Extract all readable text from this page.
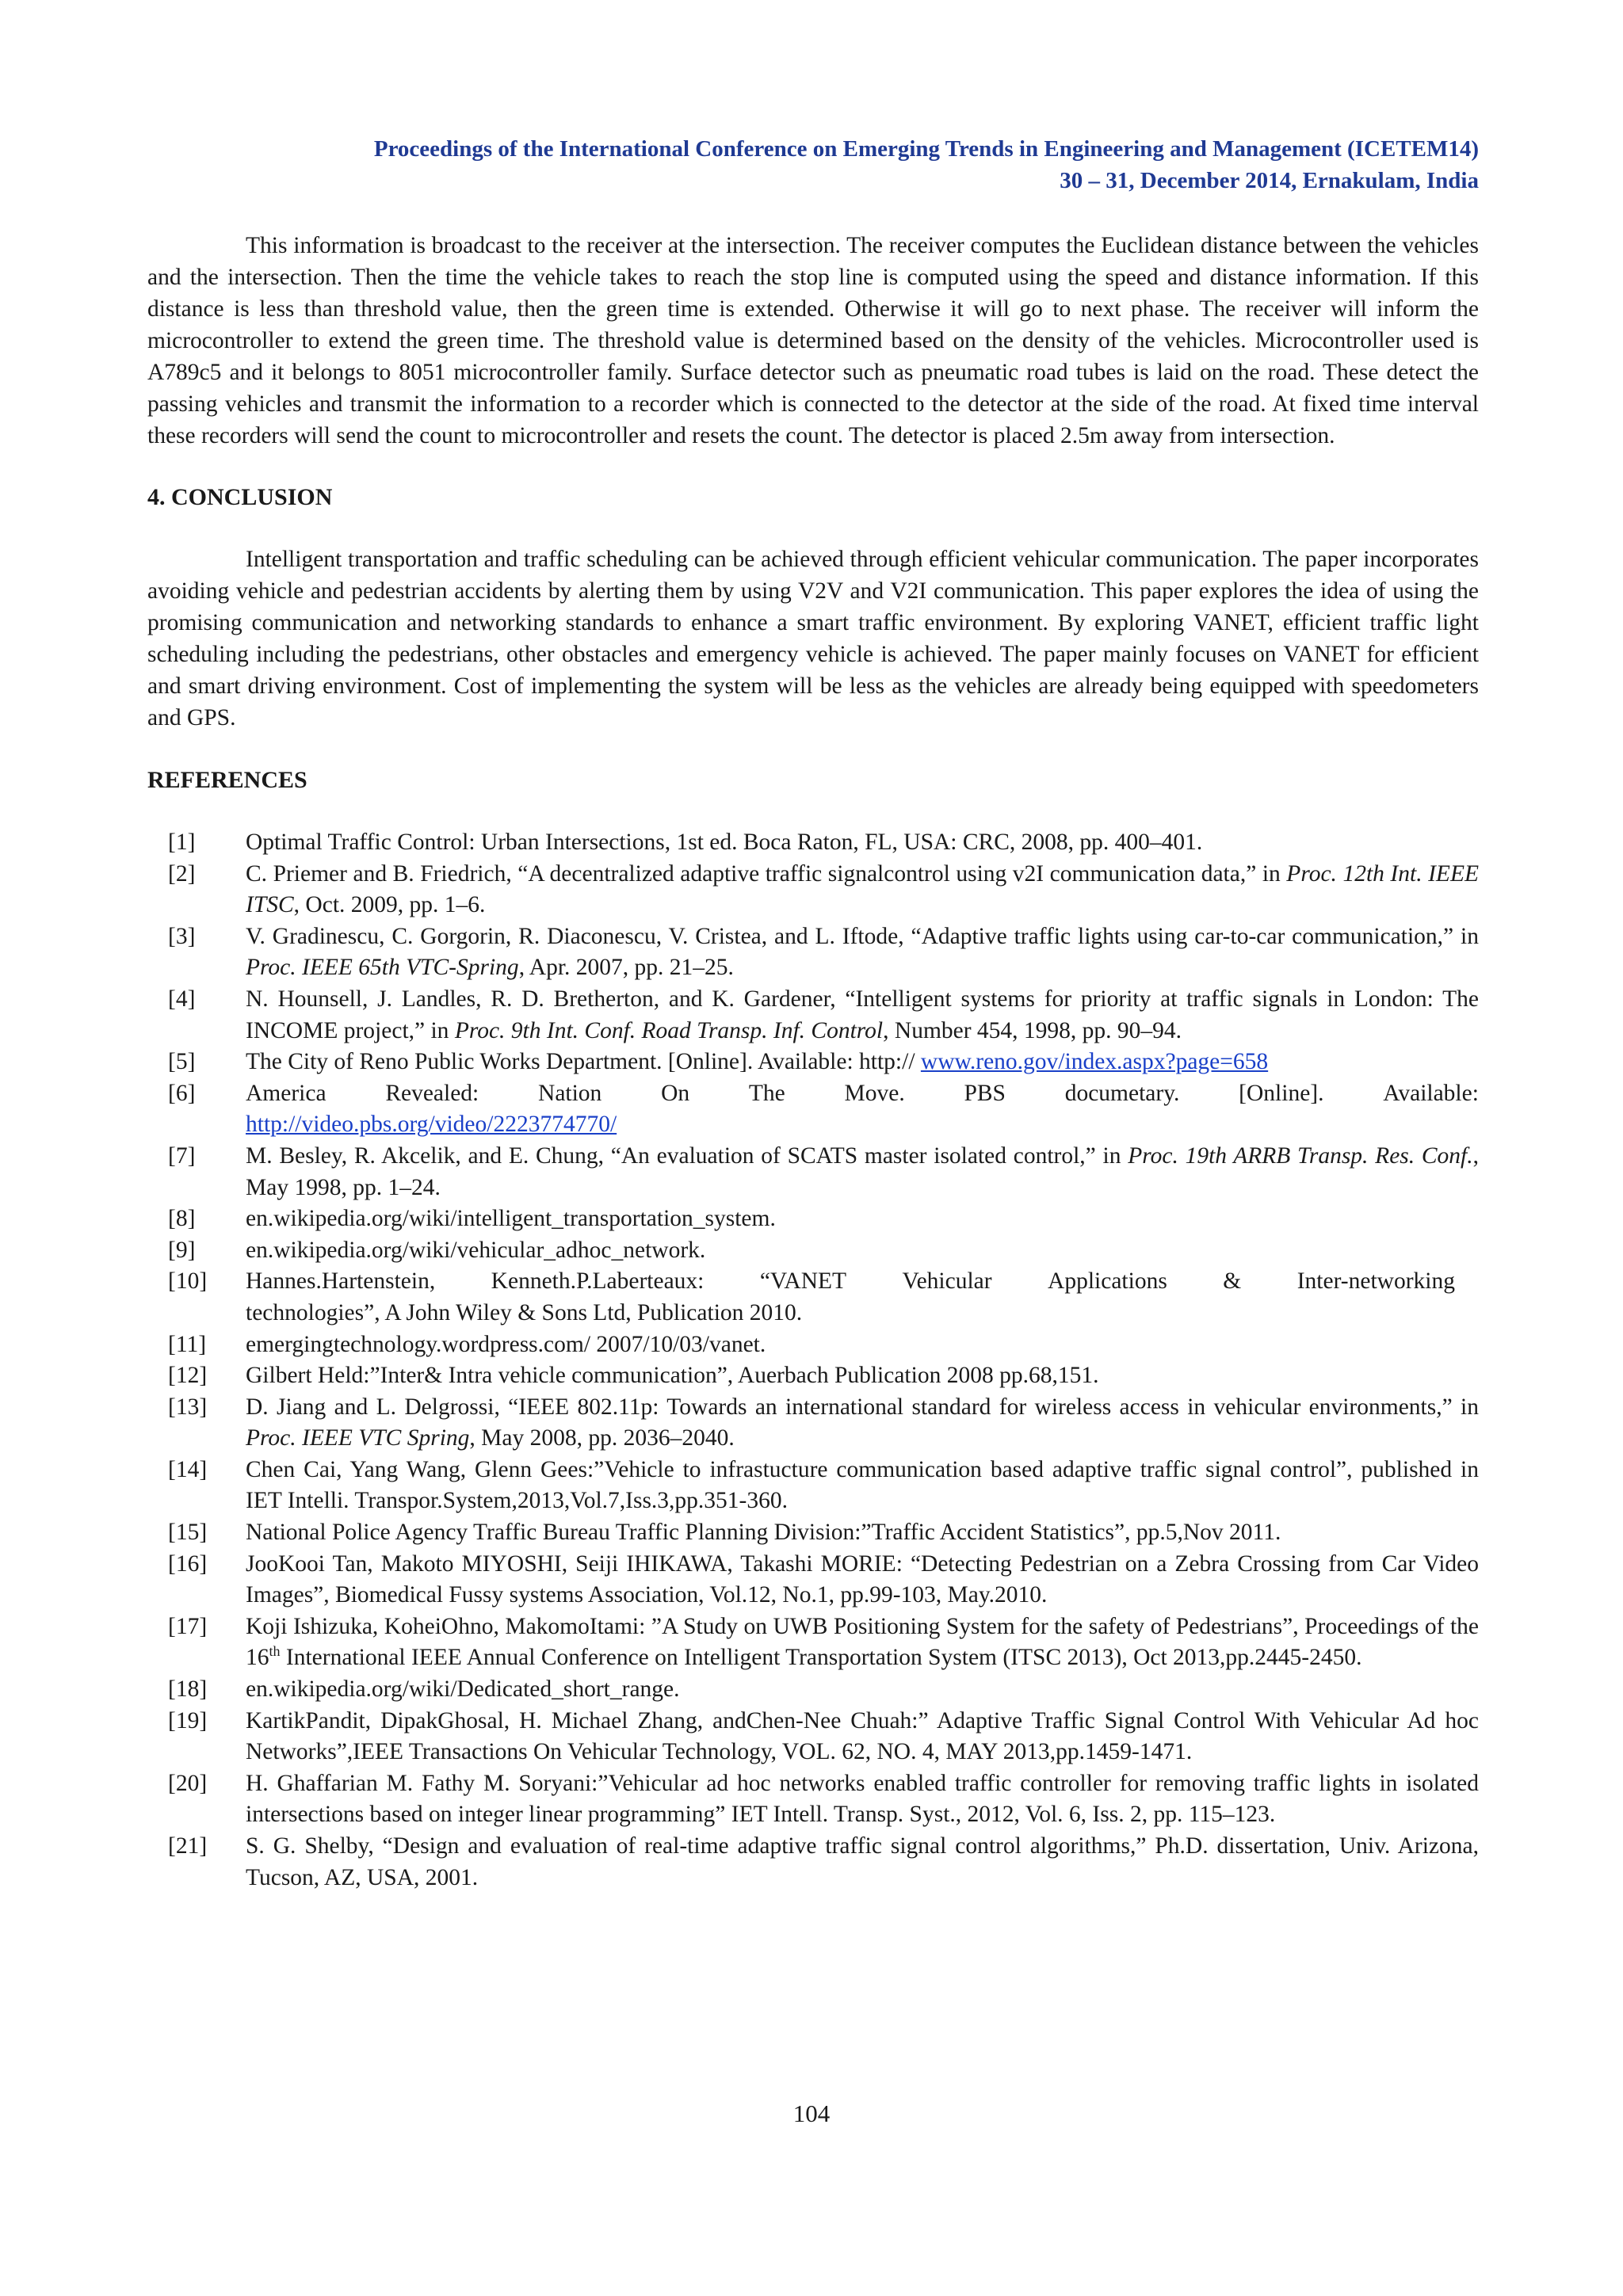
Proceedings of the International Conference on Emerging Trends in Engineering and Management (ICETEM14)
30 – 31, December 2014, Ernakulam, India

This information is broadcast to the receiver at the intersection. The receiver computes the Euclidean distance between the vehicles and the intersection. Then the time the vehicle takes to reach the stop line is computed using the speed and distance information. If this distance is less than threshold value, then the green time is extended. Otherwise it will go to next phase. The receiver will inform the microcontroller to extend the green time. The threshold value is determined based on the density of the vehicles. Microcontroller used is A789c5 and it belongs to 8051 microcontroller family. Surface detector such as pneumatic road tubes is laid on the road. These detect the passing vehicles and transmit the information to a recorder which is connected to the detector at the side of the road. At fixed time interval these recorders will send the count to microcontroller and resets the count. The detector is placed 2.5m away from intersection.

4. CONCLUSION

Intelligent transportation and traffic scheduling can be achieved through efficient vehicular communication. The paper incorporates avoiding vehicle and pedestrian accidents by alerting them by using V2V and V2I communication. This paper explores the idea of using the promising communication and networking standards to enhance a smart traffic environment. By exploring VANET, efficient traffic light scheduling including the pedestrians, other obstacles and emergency vehicle is achieved. The paper mainly focuses on VANET for efficient and smart driving environment. Cost of implementing the system will be less as the vehicles are already being equipped with speedometers and GPS.

REFERENCES
[1] Optimal Traffic Control: Urban Intersections, 1st ed. Boca Raton, FL, USA: CRC, 2008, pp. 400–401.
[2] C. Priemer and B. Friedrich, “A decentralized adaptive traffic signalcontrol using v2I communication data,” in Proc. 12th Int. IEEE ITSC, Oct. 2009, pp. 1–6.
[3] V. Gradinescu, C. Gorgorin, R. Diaconescu, V. Cristea, and L. Iftode, “Adaptive traffic lights using car-to-car communication,” in Proc. IEEE 65th VTC-Spring, Apr. 2007, pp. 21–25.
[4] N. Hounsell, J. Landles, R. D. Bretherton, and K. Gardener, “Intelligent systems for priority at traffic signals in London: The INCOME project,” in Proc. 9th Int. Conf. Road Transp. Inf. Control, Number 454, 1998, pp. 90–94.
[5] The City of Reno Public Works Department. [Online]. Available: http:// www.reno.gov/index.aspx?page=658
[6] America	Revealed:	Nation	On	The	Move.	PBS	documetary.	[Online].	Available:
http://video.pbs.org/video/2223774770/
[7] M. Besley, R. Akcelik, and E. Chung, “An evaluation of SCATS master isolated control,” in Proc. 19th ARRB Transp. Res. Conf., May 1998, pp. 1–24.
[8] en.wikipedia.org/wiki/intelligent_transportation_system.
[9] en.wikipedia.org/wiki/vehicular_adhoc_network.
[10] Hannes.Hartenstein, Kenneth.P.Laberteaux: “VANET Vehicular Applications & Inter-networking
technologies”, A John Wiley & Sons Ltd, Publication 2010.
[11] emergingtechnology.wordpress.com/ 2007/10/03/vanet.
[12] Gilbert Held:”Inter& Intra vehicle communication”, Auerbach Publication 2008 pp.68,151.
[13] D. Jiang and L. Delgrossi, “IEEE 802.11p: Towards an international standard for wireless access in vehicular environments,” in Proc. IEEE VTC Spring, May 2008, pp. 2036–2040.
[14] Chen Cai, Yang Wang, Glenn Gees:”Vehicle to infrastucture communication based adaptive traffic signal control”, published in IET Intelli. Transpor.System,2013,Vol.7,Iss.3,pp.351-360.
[15] National Police Agency Traffic Bureau Traffic Planning Division:”Traffic Accident Statistics”, pp.5,Nov 2011.
[16] JooKooi Tan, Makoto MIYOSHI, Seiji IHIKAWA, Takashi MORIE: “Detecting Pedestrian on a Zebra Crossing from Car Video Images”, Biomedical Fussy systems Association, Vol.12, No.1, pp.99-103, May.2010.
[17] Koji Ishizuka, KoheiOhno, MakomoItami: ”A Study on UWB Positioning System for the safety of Pedestrians”, Proceedings of the 16th International IEEE Annual Conference on Intelligent Transportation System (ITSC 2013), Oct 2013,pp.2445-2450.
[18] en.wikipedia.org/wiki/Dedicated_short_range.
[19] KartikPandit, DipakGhosal, H. Michael Zhang, andChen-Nee Chuah:” Adaptive Traffic Signal Control With Vehicular Ad hoc Networks”,IEEE Transactions On Vehicular Technology, VOL. 62, NO. 4, MAY 2013,pp.1459-1471.
[20] H. Ghaffarian M. Fathy M. Soryani:”Vehicular ad hoc networks enabled traffic controller for removing traffic lights in isolated intersections based on integer linear programming” IET Intell. Transp. Syst., 2012, Vol. 6, Iss. 2, pp. 115–123.
[21] S. G. Shelby, “Design and evaluation of real-time adaptive traffic signal control algorithms,” Ph.D. dissertation, Univ. Arizona, Tucson, AZ, USA, 2001.
104
